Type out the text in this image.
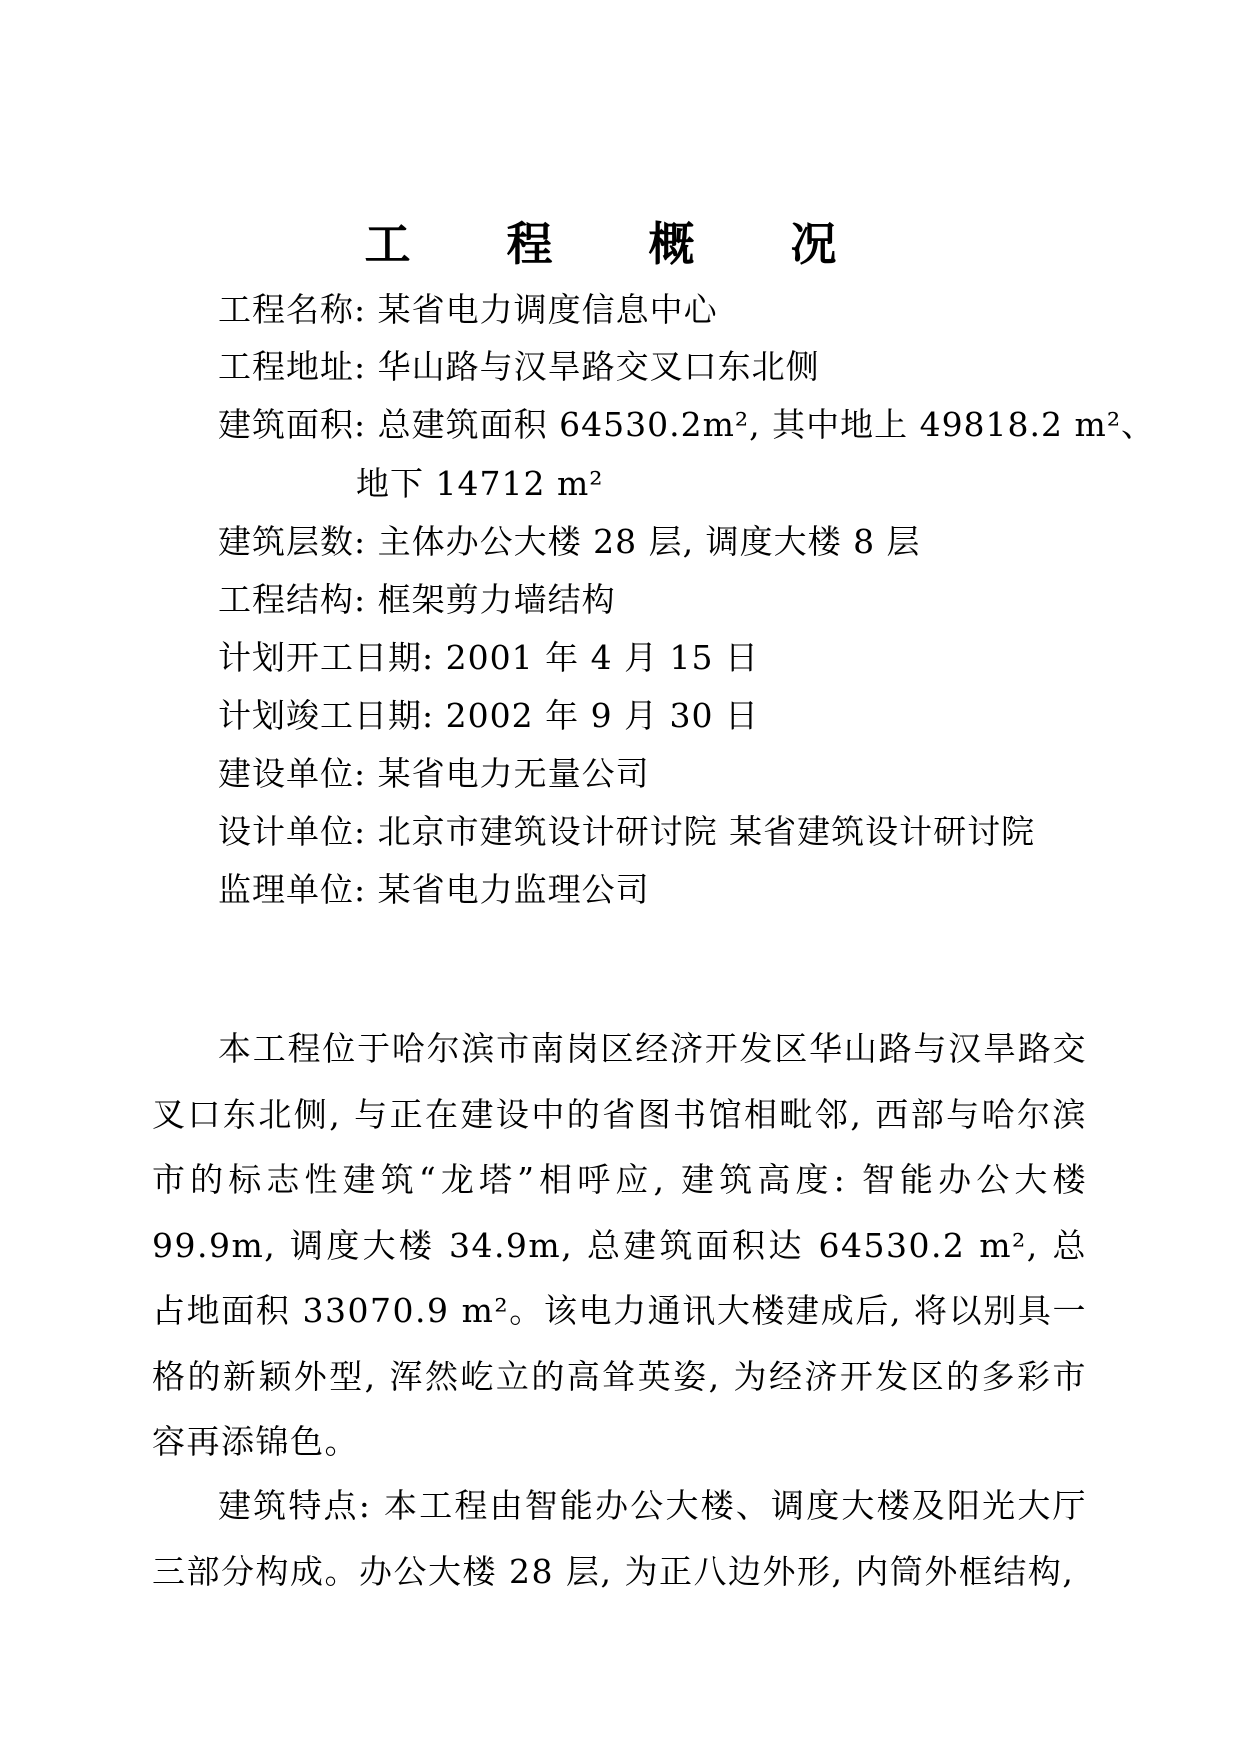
工 程 概 况
工程名称: 某省电力调度信息中心
工程地址: 华山路与汉旱路交叉口东北侧
建筑面积: 总建筑面积 64530.2m², 其中地上 49818.2 m²、
地下 14712 m²
建筑层数: 主体办公大楼 28 层, 调度大楼 8 层
工程结构: 框架剪力墙结构
计划开工日期: 2001 年 4 月 15 日
计划竣工日期: 2002 年 9 月 30 日
建设单位: 某省电力无量公司
设计单位: 北京市建筑设计研讨院 某省建筑设计研讨院
监理单位: 某省电力监理公司

本工程位于哈尔滨市南岗区经济开发区华山路与汉旱路交叉口东北侧, 与正在建设中的省图书馆相毗邻, 西部与哈尔滨市的标志性建筑“龙塔”相呼应, 建筑高度: 智能办公大楼 99.9m, 调度大楼 34.9m, 总建筑面积达 64530.2 m², 总占地面积 33070.9 m²。该电力通讯大楼建成后, 将以别具一格的新颖外型, 浑然屹立的高耸英姿, 为经济开发区的多彩市容再添锦色。

建筑特点: 本工程由智能办公大楼、调度大楼及阳光大厅三部分构成。办公大楼 28 层, 为正八边外形, 内筒外框结构,
